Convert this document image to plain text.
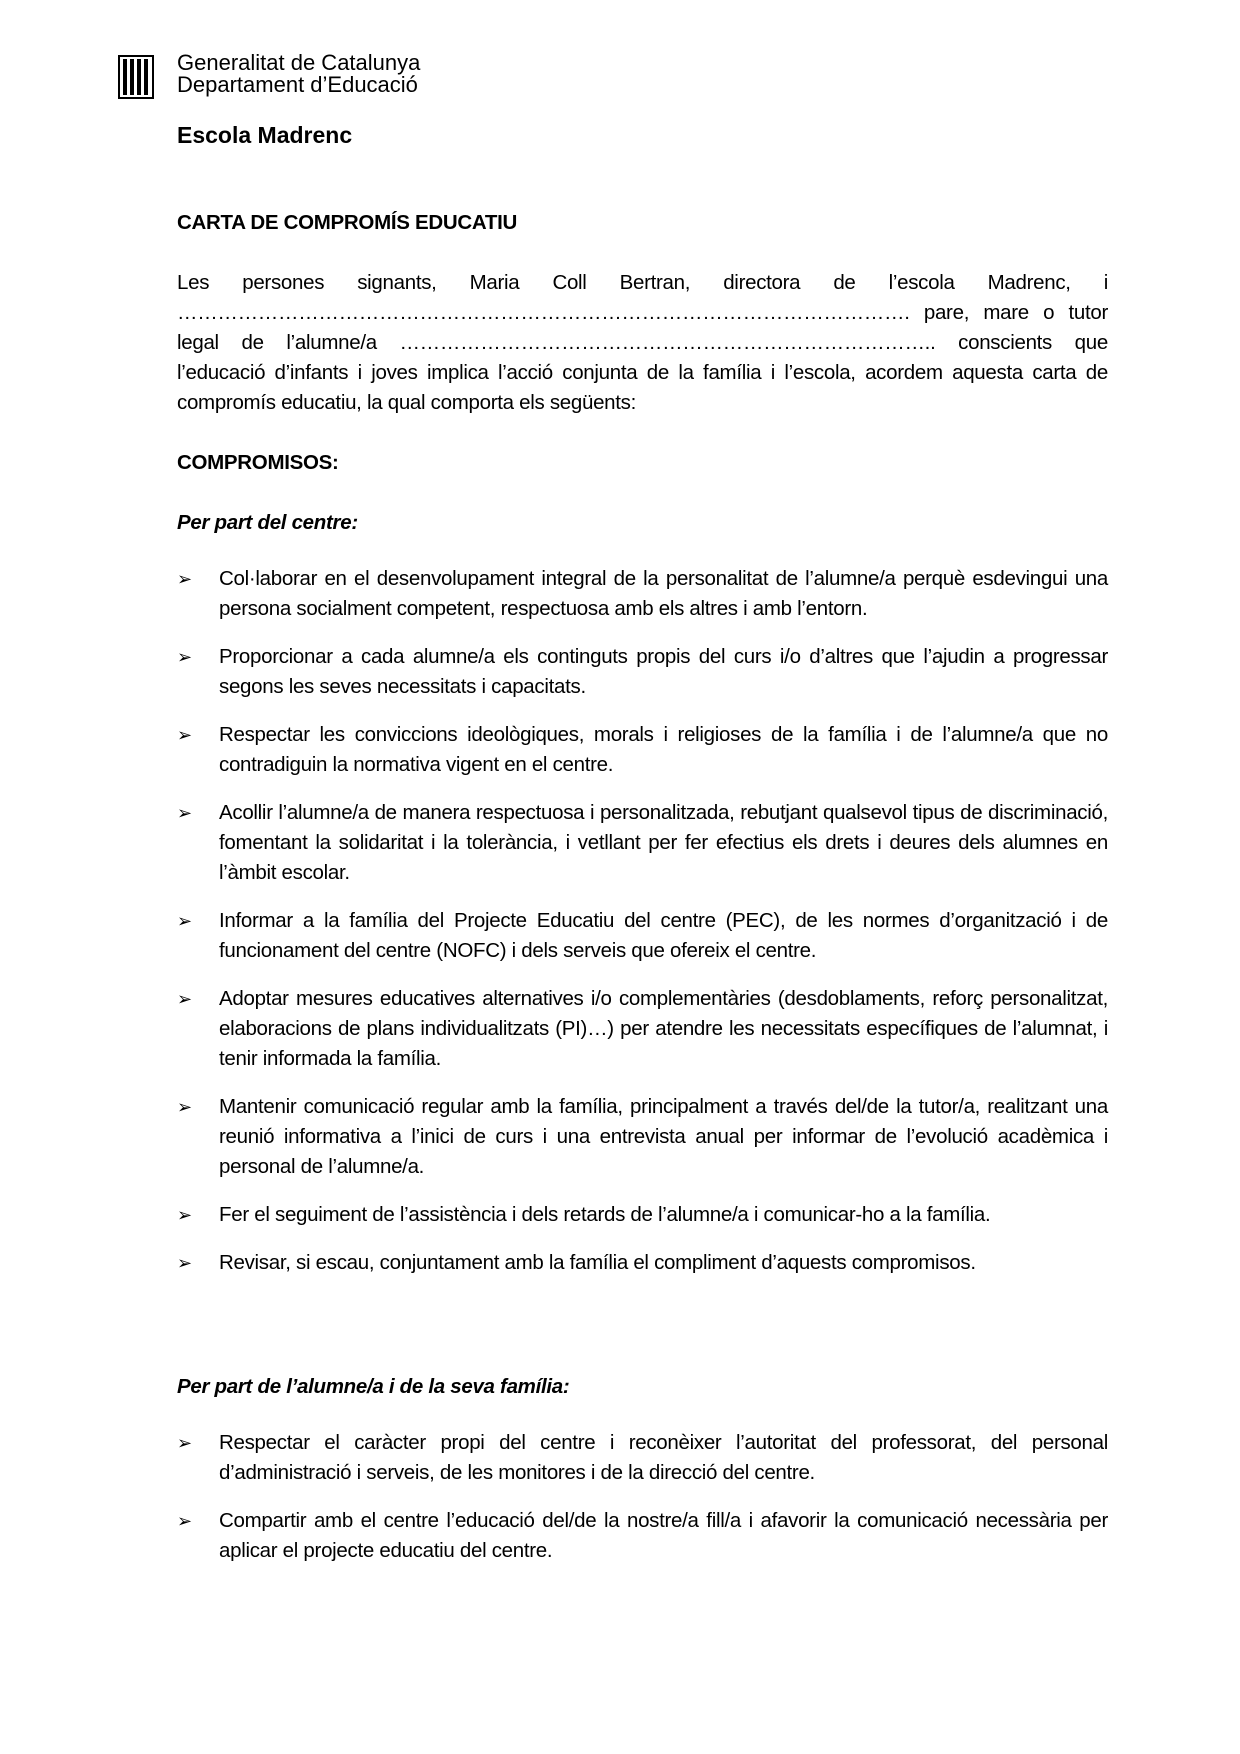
Generalitat de Catalunya
Departament d’Educació
Escola Madrenc
CARTA DE COMPROMÍS EDUCATIU

Les persones signants, Maria Coll Bertran, directora de l’escola Madrenc, i ………………………………………………………………………………………………. pare, mare o tutor legal de l’alumne/a …………………………………………………………………….. conscients que l’educació d’infants i joves implica l’acció conjunta de la família i l’escola, acordem aquesta carta de compromís educatiu, la qual comporta els següents:

COMPROMISOS:
Per part del centre:
➢ Col·laborar en el desenvolupament integral de la personalitat de l’alumne/a perquè esdevingui una persona socialment competent, respectuosa amb els altres i amb l’entorn.
➢ Proporcionar a cada alumne/a els continguts propis del curs i/o d’altres que l’ajudin a progressar segons les seves necessitats i capacitats.
➢ Respectar les conviccions ideològiques, morals i religioses de la família i de l’alumne/a que no contradiguin la normativa vigent en el centre.
➢ Acollir l’alumne/a de manera respectuosa i personalitzada, rebutjant qualsevol tipus de discriminació, fomentant la solidaritat i la tolerància, i vetllant per fer efectius els drets i deures dels alumnes en l’àmbit escolar.
➢ Informar a la família del Projecte Educatiu del centre (PEC), de les normes d’organització i de funcionament del centre (NOFC) i dels serveis que ofereix el centre.
➢ Adoptar mesures educatives alternatives i/o complementàries (desdoblaments, reforç personalitzat, elaboracions de plans individualitzats (PI)…) per atendre les necessitats específiques de l’alumnat, i tenir informada la família.
➢ Mantenir comunicació regular amb la família, principalment a través del/de la tutor/a, realitzant una reunió informativa a l’inici de curs i una entrevista anual per informar de l’evolució acadèmica i personal de l’alumne/a.
➢ Fer el seguiment de l’assistència i dels retards de l’alumne/a i comunicar-ho a la família.
➢ Revisar, si escau, conjuntament amb la família el compliment d’aquests compromisos.
Per part de l’alumne/a i de la seva família:
➢ Respectar el caràcter propi del centre i reconèixer l’autoritat del professorat, del personal d’administració i serveis, de les monitores i de la direcció del centre.
➢ Compartir amb el centre l’educació del/de la nostre/a fill/a i afavorir la comunicació necessària per aplicar el projecte educatiu del centre.
